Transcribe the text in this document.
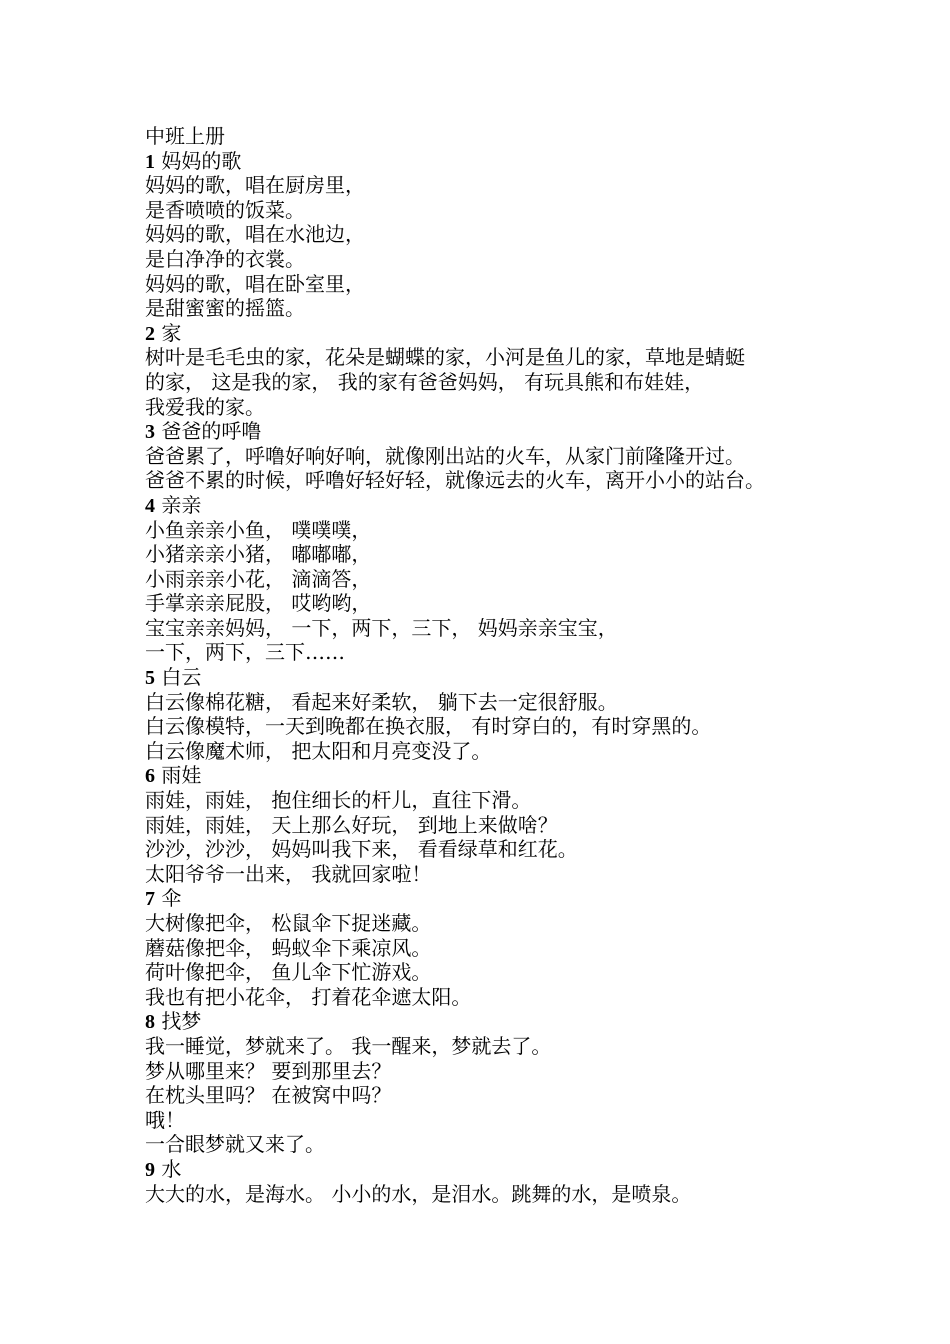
中班上册
1 妈妈的歌
妈妈的歌，唱在厨房里，
是香喷喷的饭菜。
妈妈的歌，唱在水池边，
是白净净的衣裳。
妈妈的歌，唱在卧室里，
是甜蜜蜜的摇篮。
2 家
树叶是毛毛虫的家，花朵是蝴蝶的家，小河是鱼儿的家，草地是蜻蜓
的家， 这是我的家， 我的家有爸爸妈妈， 有玩具熊和布娃娃，
我爱我的家。
3 爸爸的呼噜
爸爸累了，呼噜好响好响，就像刚出站的火车，从家门前隆隆开过。
爸爸不累的时候，呼噜好轻好轻，就像远去的火车，离开小小的站台。
4 亲亲
小鱼亲亲小鱼， 噗噗噗，
小猪亲亲小猪， 嘟嘟嘟，
小雨亲亲小花， 滴滴答，
手掌亲亲屁股， 哎哟哟，
宝宝亲亲妈妈， 一下，两下，三下， 妈妈亲亲宝宝，
一下，两下，三下……
5 白云
白云像棉花糖， 看起来好柔软， 躺下去一定很舒服。
白云像模特，一天到晚都在换衣服， 有时穿白的，有时穿黑的。
白云像魔术师， 把太阳和月亮变没了。
6 雨娃
雨娃，雨娃， 抱住细长的杆儿，直往下滑。
雨娃，雨娃， 天上那么好玩， 到地上来做啥？
沙沙，沙沙， 妈妈叫我下来， 看看绿草和红花。
太阳爷爷一出来， 我就回家啦！
7 伞
大树像把伞， 松鼠伞下捉迷藏。
蘑菇像把伞， 蚂蚁伞下乘凉风。
荷叶像把伞， 鱼儿伞下忙游戏。
我也有把小花伞， 打着花伞遮太阳。
8 找梦
我一睡觉，梦就来了。 我一醒来，梦就去了。
梦从哪里来？ 要到那里去？
在枕头里吗？ 在被窝中吗？
哦！
一合眼梦就又来了。
9 水
大大的水，是海水。 小小的水，是泪水。跳舞的水，是喷泉。
